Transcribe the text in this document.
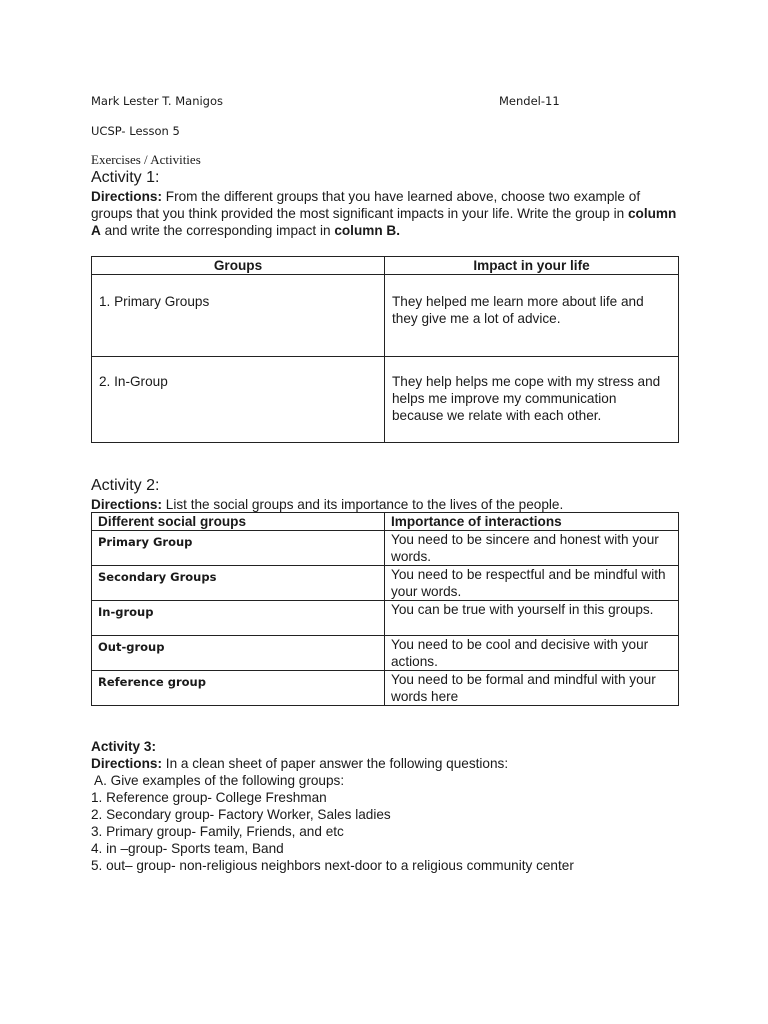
Mark Lester T. Manigos	Mendel-11
UCSP- Lesson 5
Exercises / Activities
Activity 1:
Directions: From the different groups that you have learned above, choose two example of groups that you think provided the most significant impacts in your life. Write the group in column A and write the corresponding impact in column B.
Groups	Impact in your life
1. Primary Groups	They helped me learn more about life and they give me a lot of advice.
2. In-Group	They help helps me cope with my stress and helps me improve my communication because we relate with each other.
Activity 2:
Directions: List the social groups and its importance to the lives of the people.
Different social groups	Importance of interactions
Primary Group	You need to be sincere and honest with your words.
Secondary Groups	You need to be respectful and be mindful with your words.
In-group	You can be true with yourself in this groups.
Out-group	You need to be cool and decisive with your actions.
Reference group	You need to be formal and mindful with your words here
Activity 3:
Directions: In a clean sheet of paper answer the following questions:
A. Give examples of the following groups:
1. Reference group- College Freshman
2. Secondary group- Factory Worker, Sales ladies
3. Primary group- Family, Friends, and etc
4. in –group- Sports team, Band
5. out– group- non-religious neighbors next-door to a religious community center
